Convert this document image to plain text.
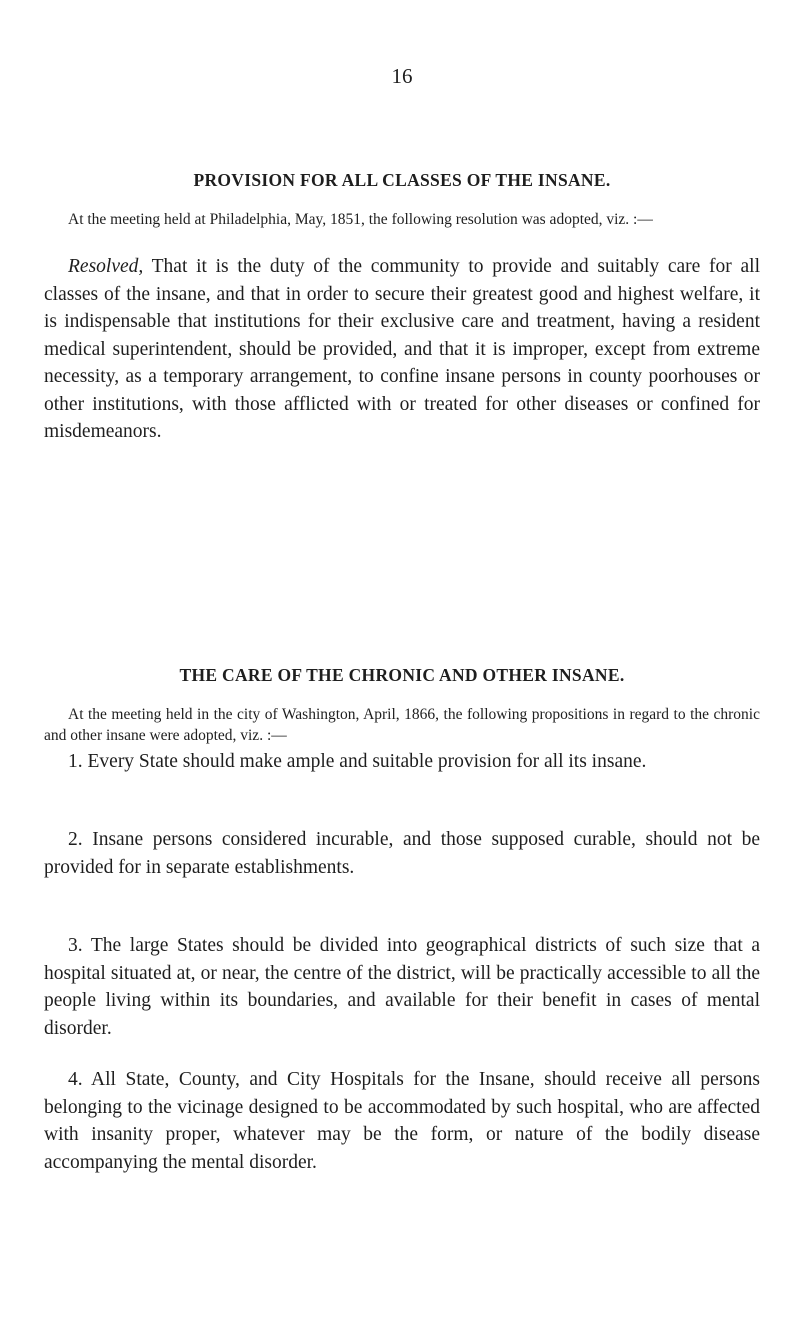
16

PROVISION FOR ALL CLASSES OF THE INSANE.

At the meeting held at Philadelphia, May, 1851, the following resolution was adopted, viz. :—

Resolved, That it is the duty of the community to provide and suitably care for all classes of the insane, and that in order to secure their greatest good and highest welfare, it is indispensable that institutions for their exclusive care and treatment, having a resident medical superintendent, should be provided, and that it is improper, except from extreme necessity, as a temporary arrangement, to confine insane persons in county poorhouses or other institutions, with those afflicted with or treated for other diseases or confined for misdemeanors.

THE CARE OF THE CHRONIC AND OTHER INSANE.

At the meeting held in the city of Washington, April, 1866, the following propositions in regard to the chronic and other insane were adopted, viz. :—

1. Every State should make ample and suitable provision for all its insane.

2. Insane persons considered incurable, and those supposed curable, should not be provided for in separate establishments.

3. The large States should be divided into geographical districts of such size that a hospital situated at, or near, the centre of the district, will be practically accessible to all the people living within its boundaries, and available for their benefit in cases of mental disorder.

4. All State, County, and City Hospitals for the Insane, should receive all persons belonging to the vicinage designed to be accommodated by such hospital, who are affected with insanity proper, whatever may be the form, or nature of the bodily disease accompanying the mental disorder.
